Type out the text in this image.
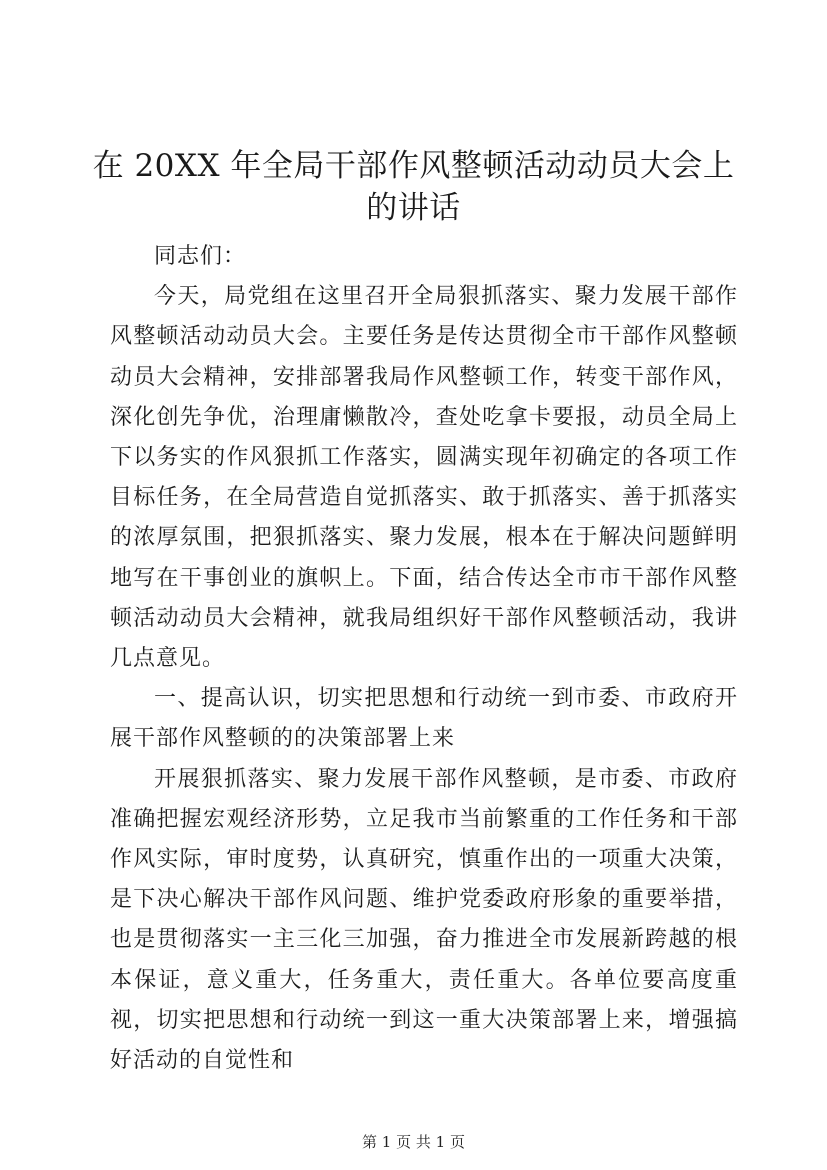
在 20XX 年全局干部作风整顿活动动员大会上
的讲话

同志们：

今天，局党组在这里召开全局狠抓落实、聚力发展干部作风整顿活动动员大会。主要任务是传达贯彻全市干部作风整顿动员大会精神，安排部署我局作风整顿工作，转变干部作风，深化创先争优，治理庸懒散冷，查处吃拿卡要报，动员全局上下以务实的作风狠抓工作落实，圆满实现年初确定的各项工作目标任务，在全局营造自觉抓落实、敢于抓落实、善于抓落实的浓厚氛围，把狠抓落实、聚力发展，根本在于解决问题鲜明地写在干事创业的旗帜上。下面，结合传达全市市干部作风整顿活动动员大会精神，就我局组织好干部作风整顿活动，我讲几点意见。

一、提高认识，切实把思想和行动统一到市委、市政府开展干部作风整顿的的决策部署上来

开展狠抓落实、聚力发展干部作风整顿，是市委、市政府准确把握宏观经济形势，立足我市当前繁重的工作任务和干部作风实际，审时度势，认真研究，慎重作出的一项重大决策，是下决心解决干部作风问题、维护党委政府形象的重要举措，也是贯彻落实一主三化三加强，奋力推进全市发展新跨越的根本保证，意义重大，任务重大，责任重大。各单位要高度重视，切实把思想和行动统一到这一重大决策部署上来，增强搞好活动的自觉性和

第 1 页 共 1 页
